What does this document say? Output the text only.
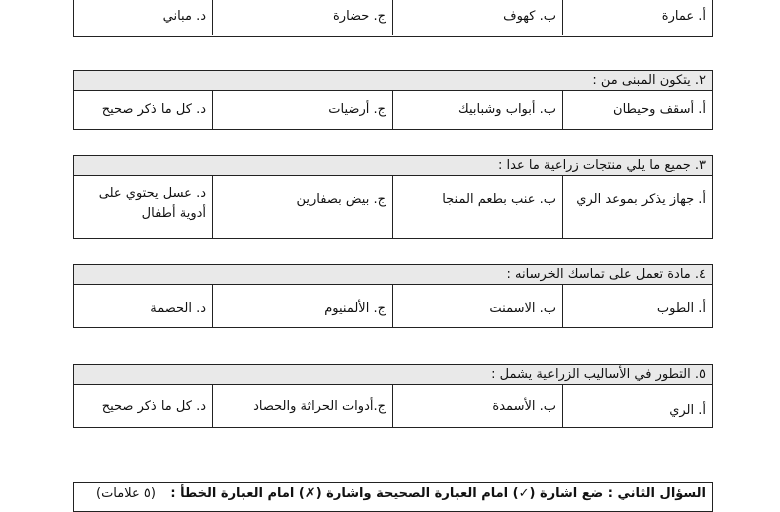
أ. عمارة
ب. كهوف
ج. حضارة
د. مباني
٢. يتكون المبنى من :
أ. أسقف وحيطان
ب. أبواب وشبابيك
ج. أرضيات
د. كل ما ذكر صحيح
٣. جميع ما يلي منتجات زراعية ما عدا :
أ. جهاز يذكر بموعد الري
ب. عنب بطعم المنجا
ج. بيض بصفارين
د. عسل يحتوي على أدوية أطفال
٤. مادة تعمل على تماسك الخرسانه :
أ. الطوب
ب. الاسمنت
ج. الألمنيوم
د. الحصمة
٥. التطور في الأساليب الزراعية يشمل :
أ. الري
ب. الأسمدة
ج.أدوات الحراثة والحصاد
د. كل ما ذكر صحيح
السؤال الثاني : ضع اشارة (✓) امام العبارة الصحيحة واشارة (✗) امام العبارة الخطأ :
(٥ علامات)
